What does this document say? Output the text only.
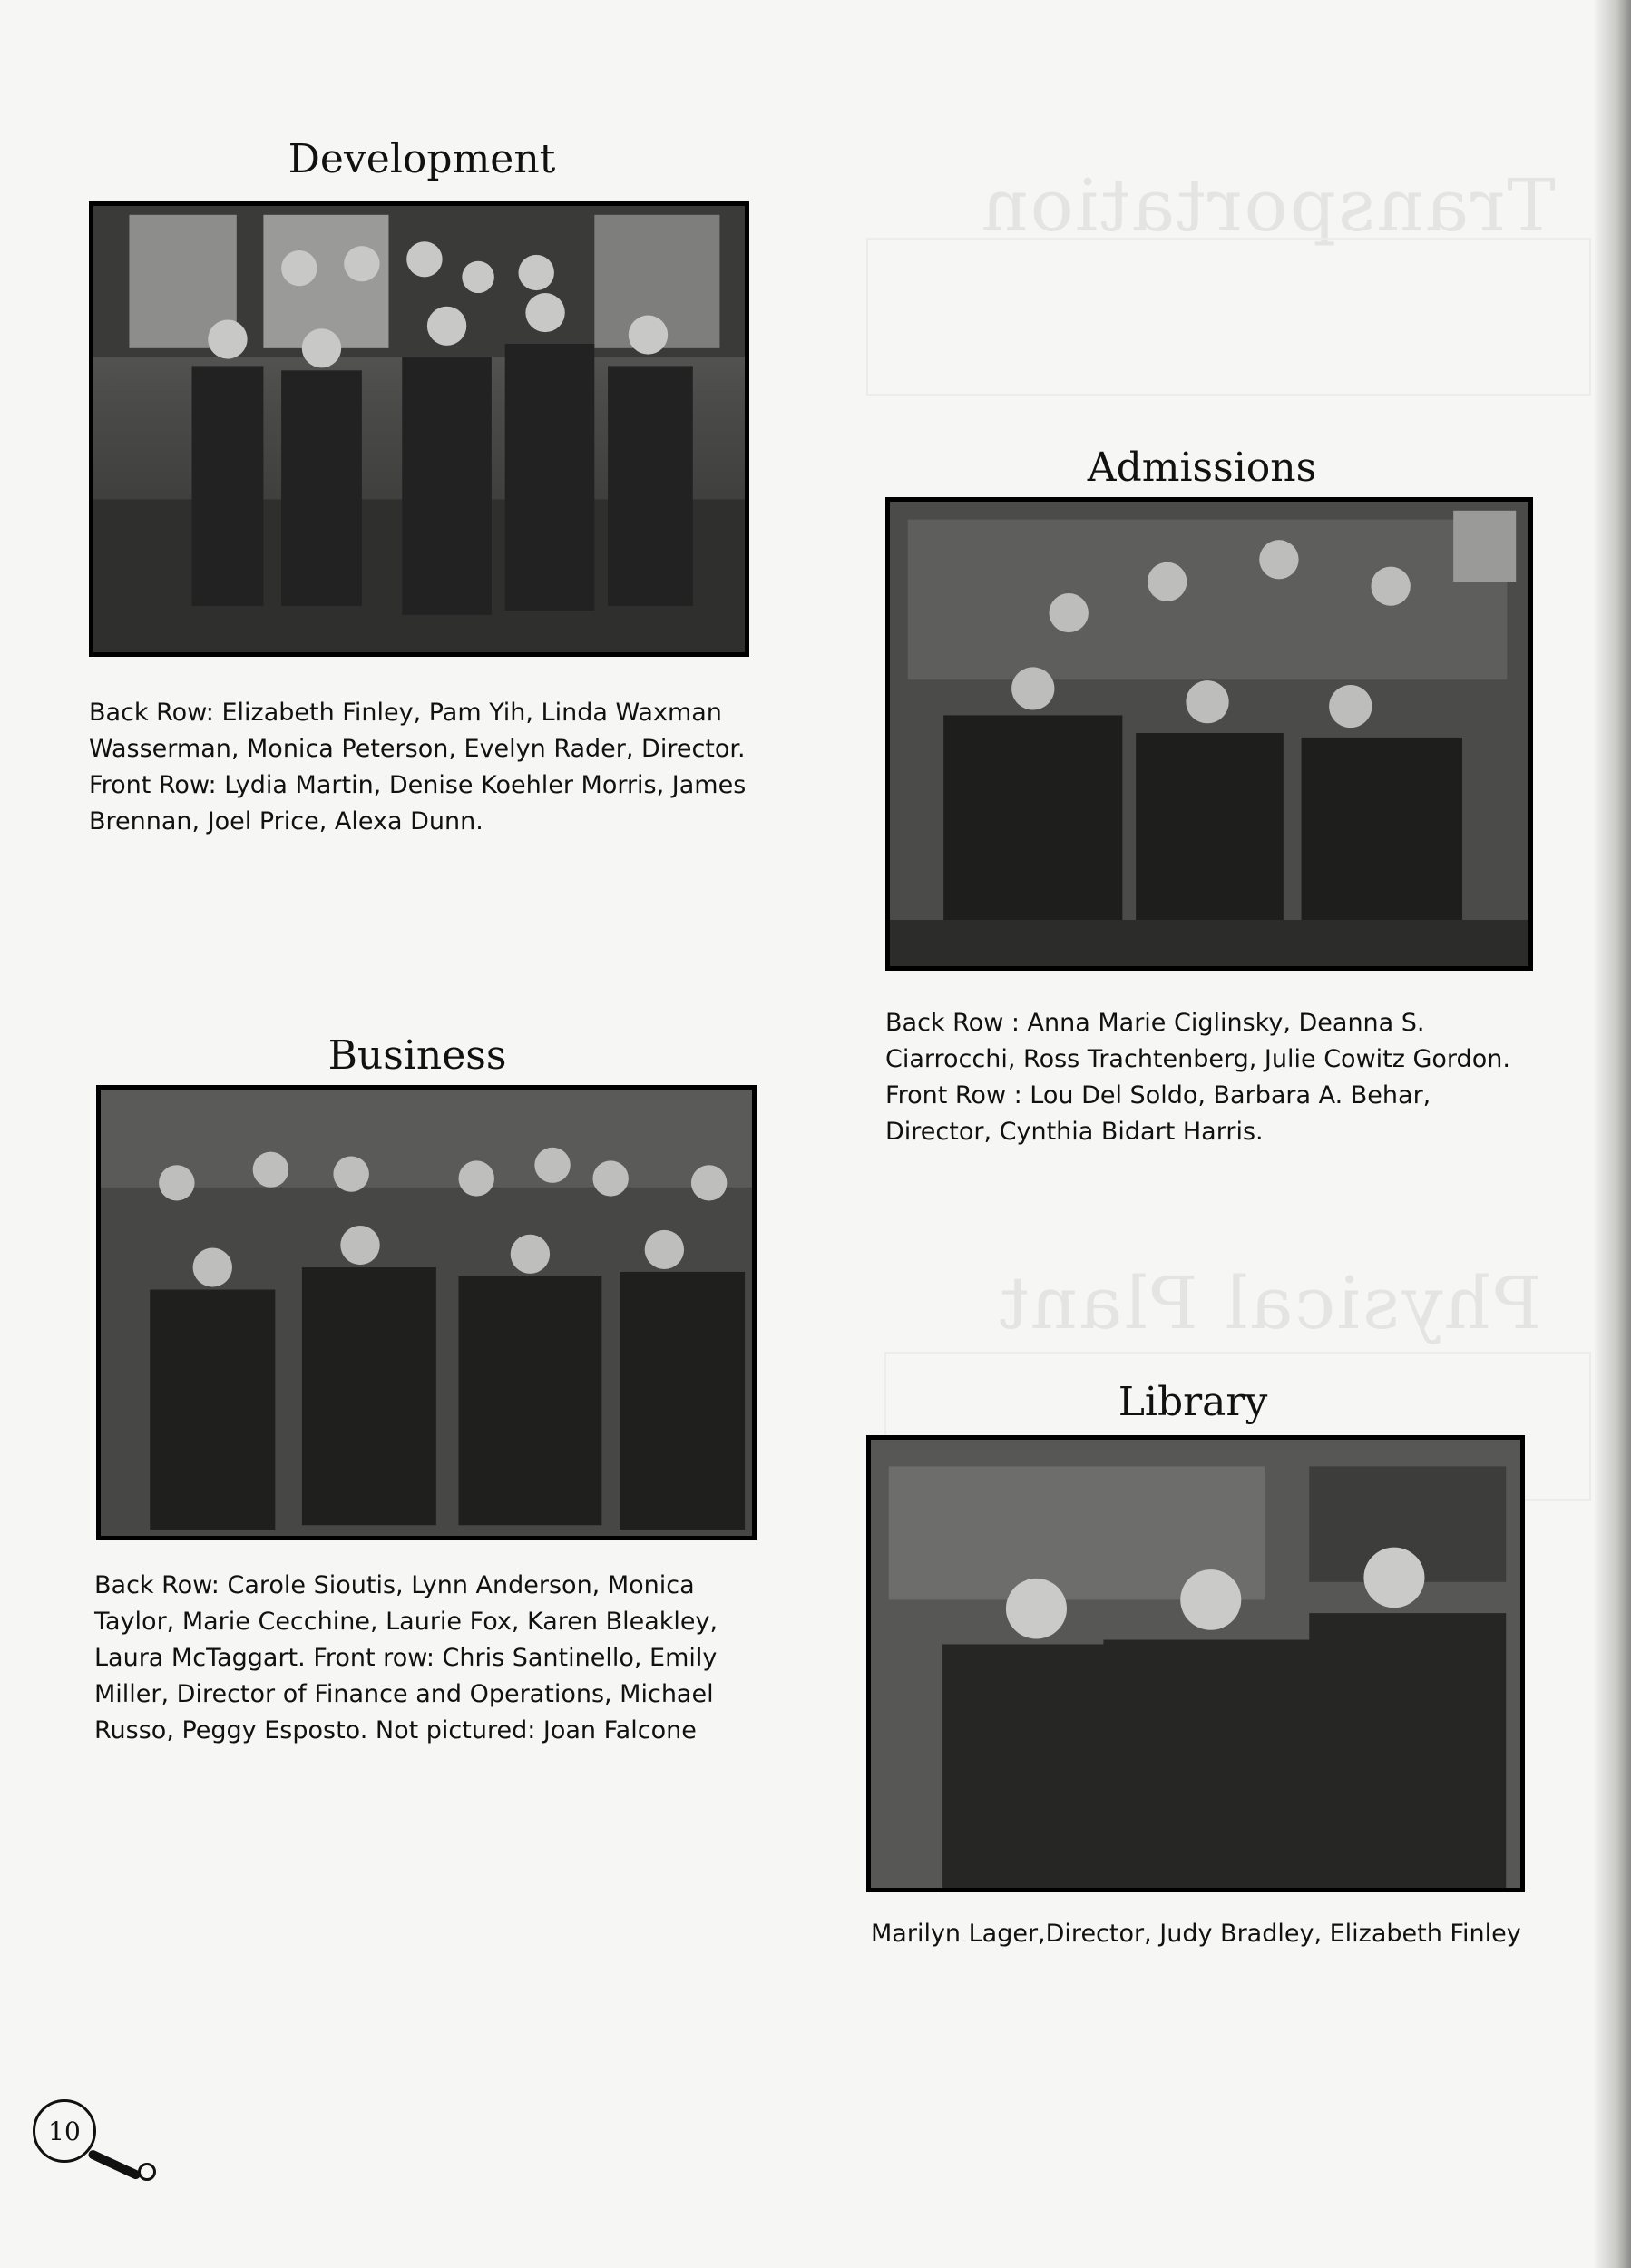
Transportation
Physical Plant
Development

Back Row: Elizabeth Finley, Pam Yih, Linda Waxman Wasserman, Monica Peterson, Evelyn Rader, Director. Front Row: Lydia Martin, Denise Koehler Morris, James Brennan, Joel Price, Alexa Dunn.

Admissions

Back Row : Anna Marie Ciglinsky, Deanna S. Ciarrocchi, Ross Trachtenberg, Julie Cowitz Gordon. Front Row : Lou Del Soldo, Barbara A. Behar, Director, Cynthia Bidart Harris.

Business

Back Row: Carole Sioutis, Lynn Anderson, Monica Taylor, Marie Cecchine, Laurie Fox, Karen Bleakley, Laura McTaggart. Front row: Chris Santinello, Emily Miller, Director of Finance and Operations, Michael Russo, Peggy Esposto. Not pictured: Joan Falcone

Library

Marilyn Lager,Director, Judy Bradley, Elizabeth Finley

10
